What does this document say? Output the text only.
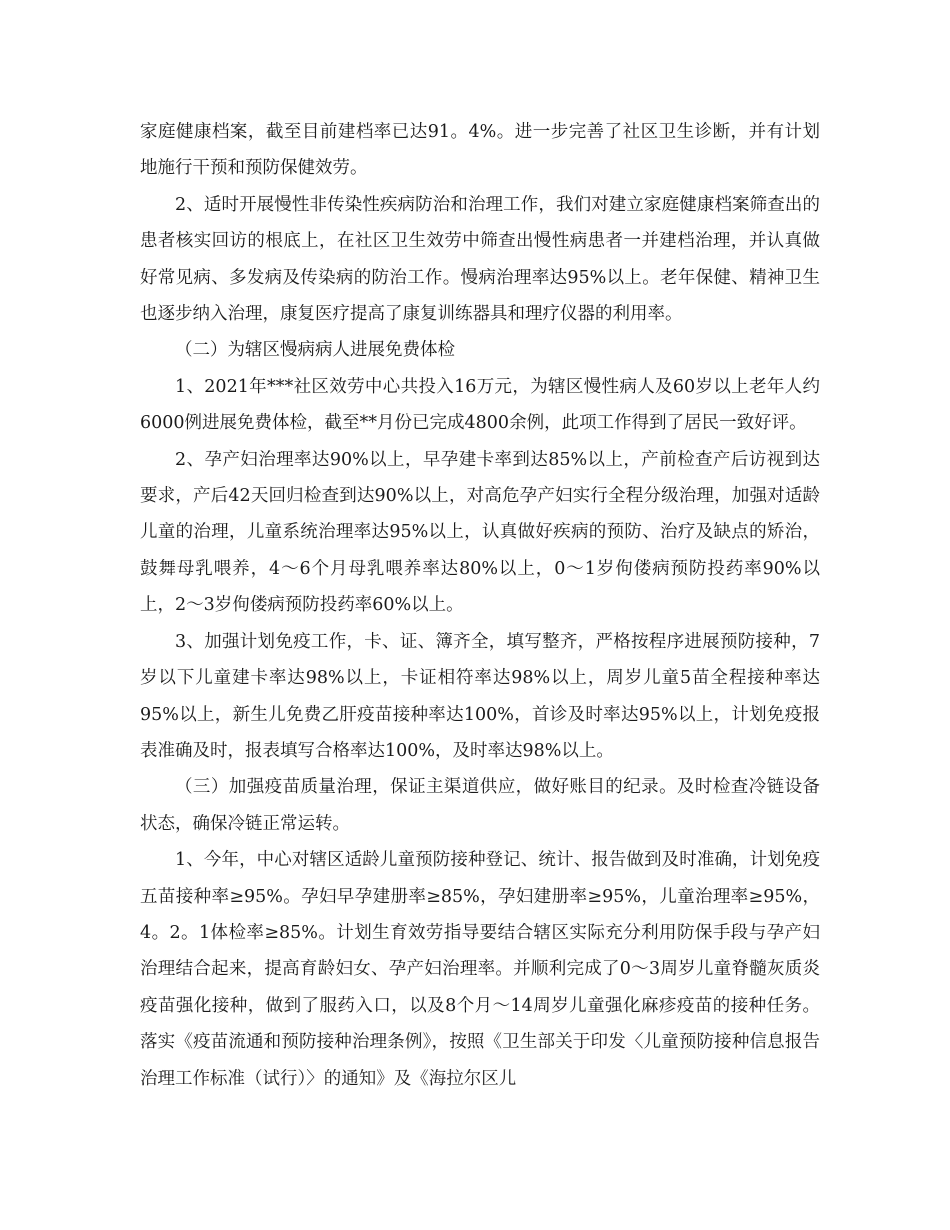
家庭健康档案，截至目前建档率已达91。4%。进一步完善了社区卫生诊断，并有计划地施行干预和预防保健效劳。

2、适时开展慢性非传染性疾病防治和治理工作，我们对建立家庭健康档案筛查出的患者核实回访的根底上，在社区卫生效劳中筛查出慢性病患者一并建档治理，并认真做好常见病、多发病及传染病的防治工作。慢病治理率达95%以上。老年保健、精神卫生也逐步纳入治理，康复医疗提高了康复训练器具和理疗仪器的利用率。

（二）为辖区慢病病人进展免费体检

1、2021年***社区效劳中心共投入16万元，为辖区慢性病人及60岁以上老年人约6000例进展免费体检，截至**月份已完成4800余例，此项工作得到了居民一致好评。

2、孕产妇治理率达90%以上，早孕建卡率到达85%以上，产前检查产后访视到达要求，产后42天回归检查到达90%以上，对高危孕产妇实行全程分级治理，加强对适龄儿童的治理，儿童系统治理率达95%以上，认真做好疾病的预防、治疗及缺点的矫治，鼓舞母乳喂养，4～6个月母乳喂养率达80%以上，0～1岁佝偻病预防投药率90%以上，2～3岁佝偻病预防投药率60%以上。

3、加强计划免疫工作，卡、证、簿齐全，填写整齐，严格按程序进展预防接种，7岁以下儿童建卡率达98%以上，卡证相符率达98%以上，周岁儿童5苗全程接种率达95%以上，新生儿免费乙肝疫苗接种率达100%，首诊及时率达95%以上，计划免疫报表准确及时，报表填写合格率达100%，及时率达98%以上。

（三）加强疫苗质量治理，保证主渠道供应，做好账目的纪录。及时检查冷链设备状态，确保冷链正常运转。

1、今年，中心对辖区适龄儿童预防接种登记、统计、报告做到及时准确，计划免疫五苗接种率≥95%。孕妇早孕建册率≥85%，孕妇建册率≥95%，儿童治理率≥95%，4。2。1体检率≥85%。计划生育效劳指导要结合辖区实际充分利用防保手段与孕产妇治理结合起来，提高育龄妇女、孕产妇治理率。并顺利完成了0～3周岁儿童脊髓灰质炎疫苗强化接种，做到了服药入口，以及8个月～14周岁儿童强化麻疹疫苗的接种任务。落实《疫苗流通和预防接种治理条例》，按照《卫生部关于印发〈儿童预防接种信息报告治理工作标准（试行）〉的通知》及《海拉尔区儿
